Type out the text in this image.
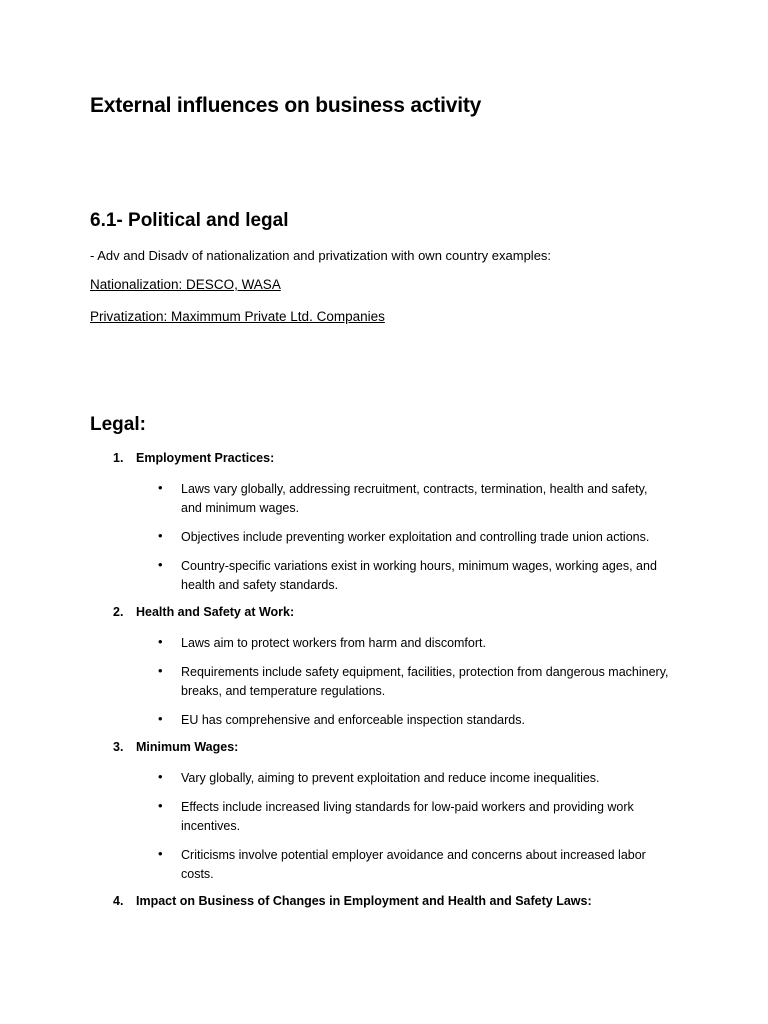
External influences on business activity
6.1- Political and legal
- Adv and Disadv of nationalization and privatization with own country examples:
Nationalization: DESCO, WASA
Privatization: Maximmum Private Ltd. Companies
Legal:
1. Employment Practices:
• Laws vary globally, addressing recruitment, contracts, termination, health and safety, and minimum wages.
• Objectives include preventing worker exploitation and controlling trade union actions.
• Country-specific variations exist in working hours, minimum wages, working ages, and health and safety standards.
2. Health and Safety at Work:
• Laws aim to protect workers from harm and discomfort.
• Requirements include safety equipment, facilities, protection from dangerous machinery, breaks, and temperature regulations.
• EU has comprehensive and enforceable inspection standards.
3. Minimum Wages:
• Vary globally, aiming to prevent exploitation and reduce income inequalities.
• Effects include increased living standards for low-paid workers and providing work incentives.
• Criticisms involve potential employer avoidance and concerns about increased labor costs.
4. Impact on Business of Changes in Employment and Health and Safety Laws:
